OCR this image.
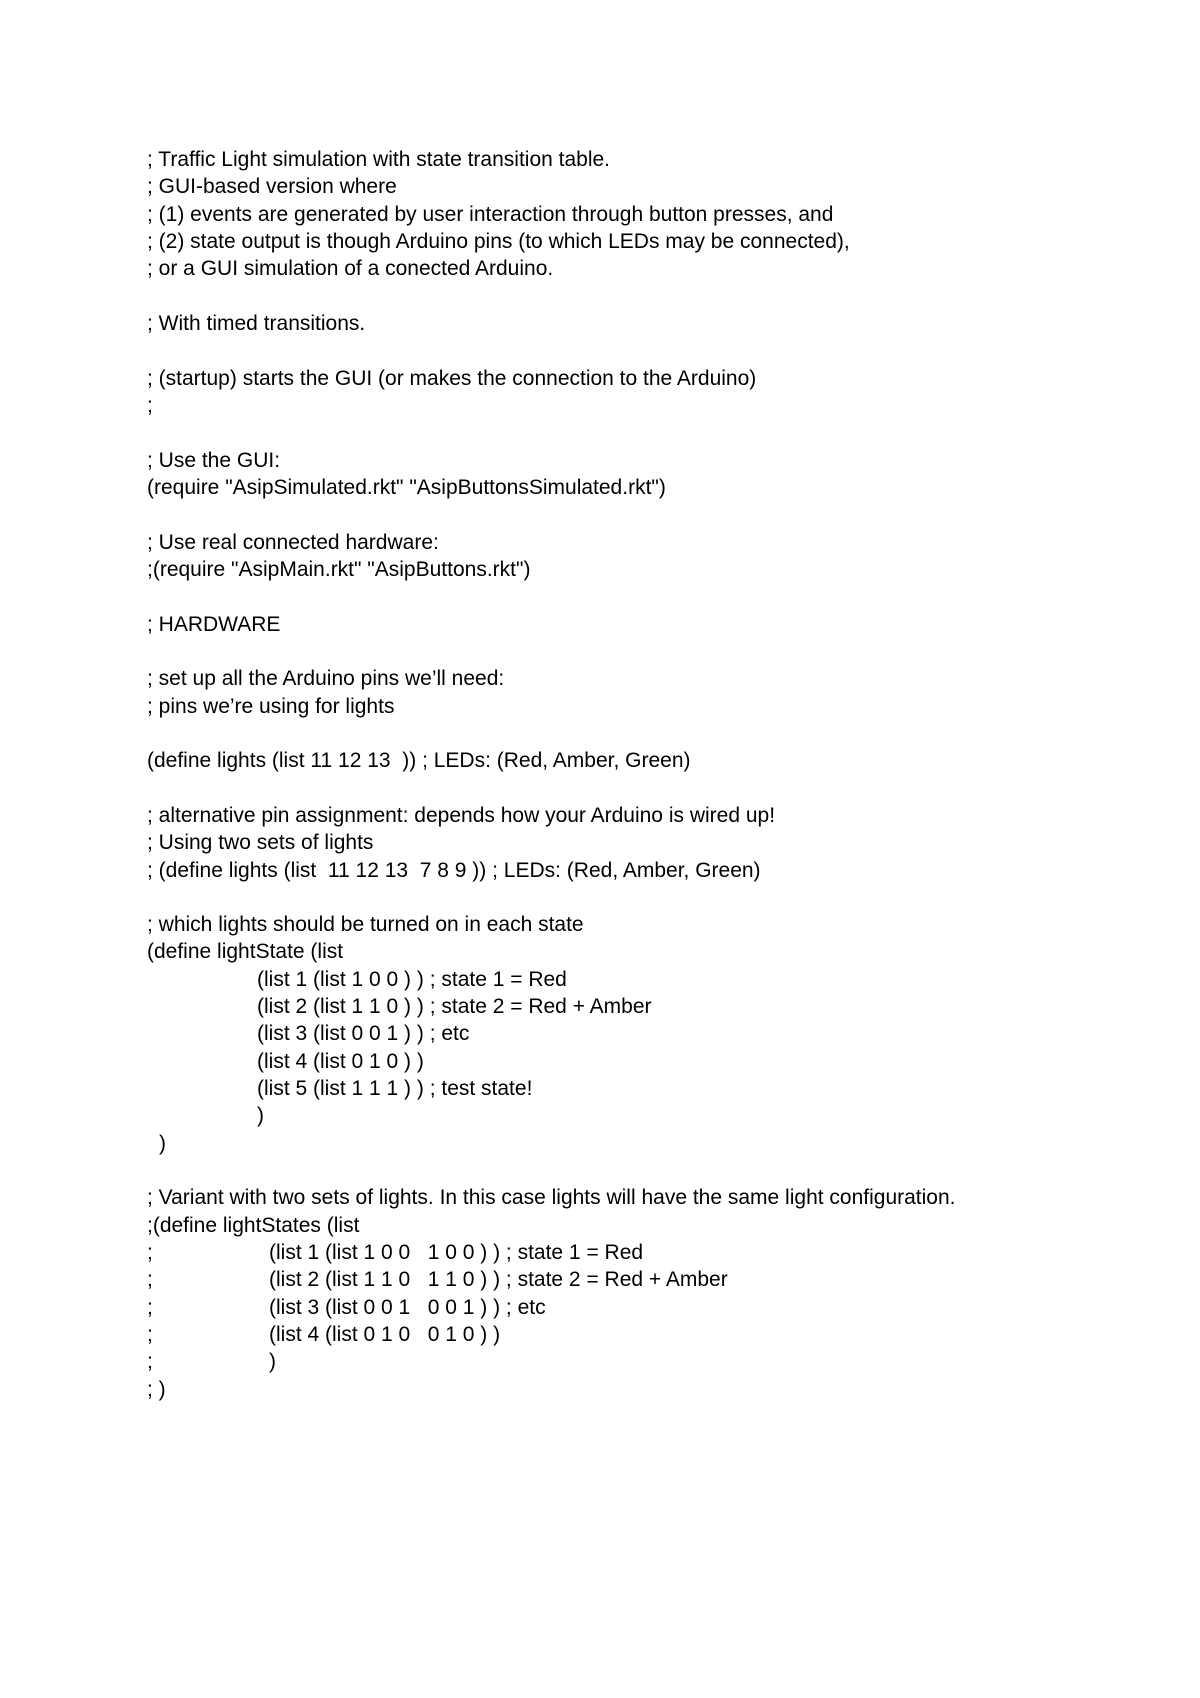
; Traffic Light simulation with state transition table.
; GUI-based version where
; (1) events are generated by user interaction through button presses, and
; (2) state output is though Arduino pins (to which LEDs may be connected),
; or a GUI simulation of a conected Arduino.
; With timed transitions.
; (startup) starts the GUI (or makes the connection to the Arduino)
;
; Use the GUI:
(require "AsipSimulated.rkt" "AsipButtonsSimulated.rkt")
; Use real connected hardware:
;(require "AsipMain.rkt" "AsipButtons.rkt")
; HARDWARE
; set up all the Arduino pins we’ll need:
; pins we’re using for lights
(define lights (list 11 12 13  )) ; LEDs: (Red, Amber, Green)
; alternative pin assignment: depends how your Arduino is wired up!
; Using two sets of lights
; (define lights (list  11 12 13  7 8 9 )) ; LEDs: (Red, Amber, Green)
; which lights should be turned on in each state
(define lightState (list
(list 1 (list 1 0 0 ) ) ; state 1 = Red
(list 2 (list 1 1 0 ) ) ; state 2 = Red + Amber
(list 3 (list 0 0 1 ) ) ; etc
(list 4 (list 0 1 0 ) )
(list 5 (list 1 1 1 ) ) ; test state!
)
)
; Variant with two sets of lights. In this case lights will have the same light configuration.
;(define lightStates (list
;	(list 1 (list 1 0 0   1 0 0 ) ) ; state 1 = Red
;	(list 2 (list 1 1 0   1 1 0 ) ) ; state 2 = Red + Amber
;	(list 3 (list 0 0 1   0 0 1 ) ) ; etc
;	(list 4 (list 0 1 0   0 1 0 ) )
;	)
; )
